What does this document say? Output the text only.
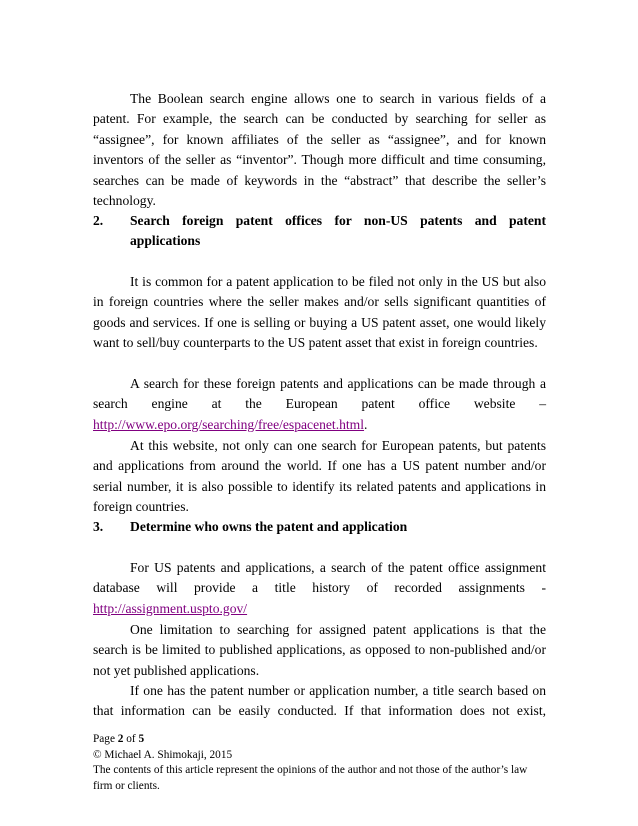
The Boolean search engine allows one to search in various fields of a patent. For example, the search can be conducted by searching for seller as “assignee”, for known affiliates of the seller as “assignee”, and for known inventors of the seller as “inventor”. Though more difficult and time consuming, searches can be made of keywords in the “abstract” that describe the seller’s technology.

2. Search foreign patent offices for non-US patents and patent applications

It is common for a patent application to be filed not only in the US but also in foreign countries where the seller makes and/or sells significant quantities of goods and services. If one is selling or buying a US patent asset, one would likely want to sell/buy counterparts to the US patent asset that exist in foreign countries.

A search for these foreign patents and applications can be made through a search engine at the European patent office website – http://www.epo.org/searching/free/espacenet.html.

At this website, not only can one search for European patents, but patents and applications from around the world. If one has a US patent number and/or serial number, it is also possible to identify its related patents and applications in foreign countries.

3. Determine who owns the patent and application

For US patents and applications, a search of the patent office assignment database will provide a title history of recorded assignments - http://assignment.uspto.gov/

One limitation to searching for assigned patent applications is that the search is be limited to published applications, as opposed to non-published and/or not yet published applications.

If one has the patent number or application number, a title search based on that information can be easily conducted. If that information does not exist,

Page 2 of 5
© Michael A. Shimokaji, 2015
The contents of this article represent the opinions of the author and not those of the author’s law firm or clients.
